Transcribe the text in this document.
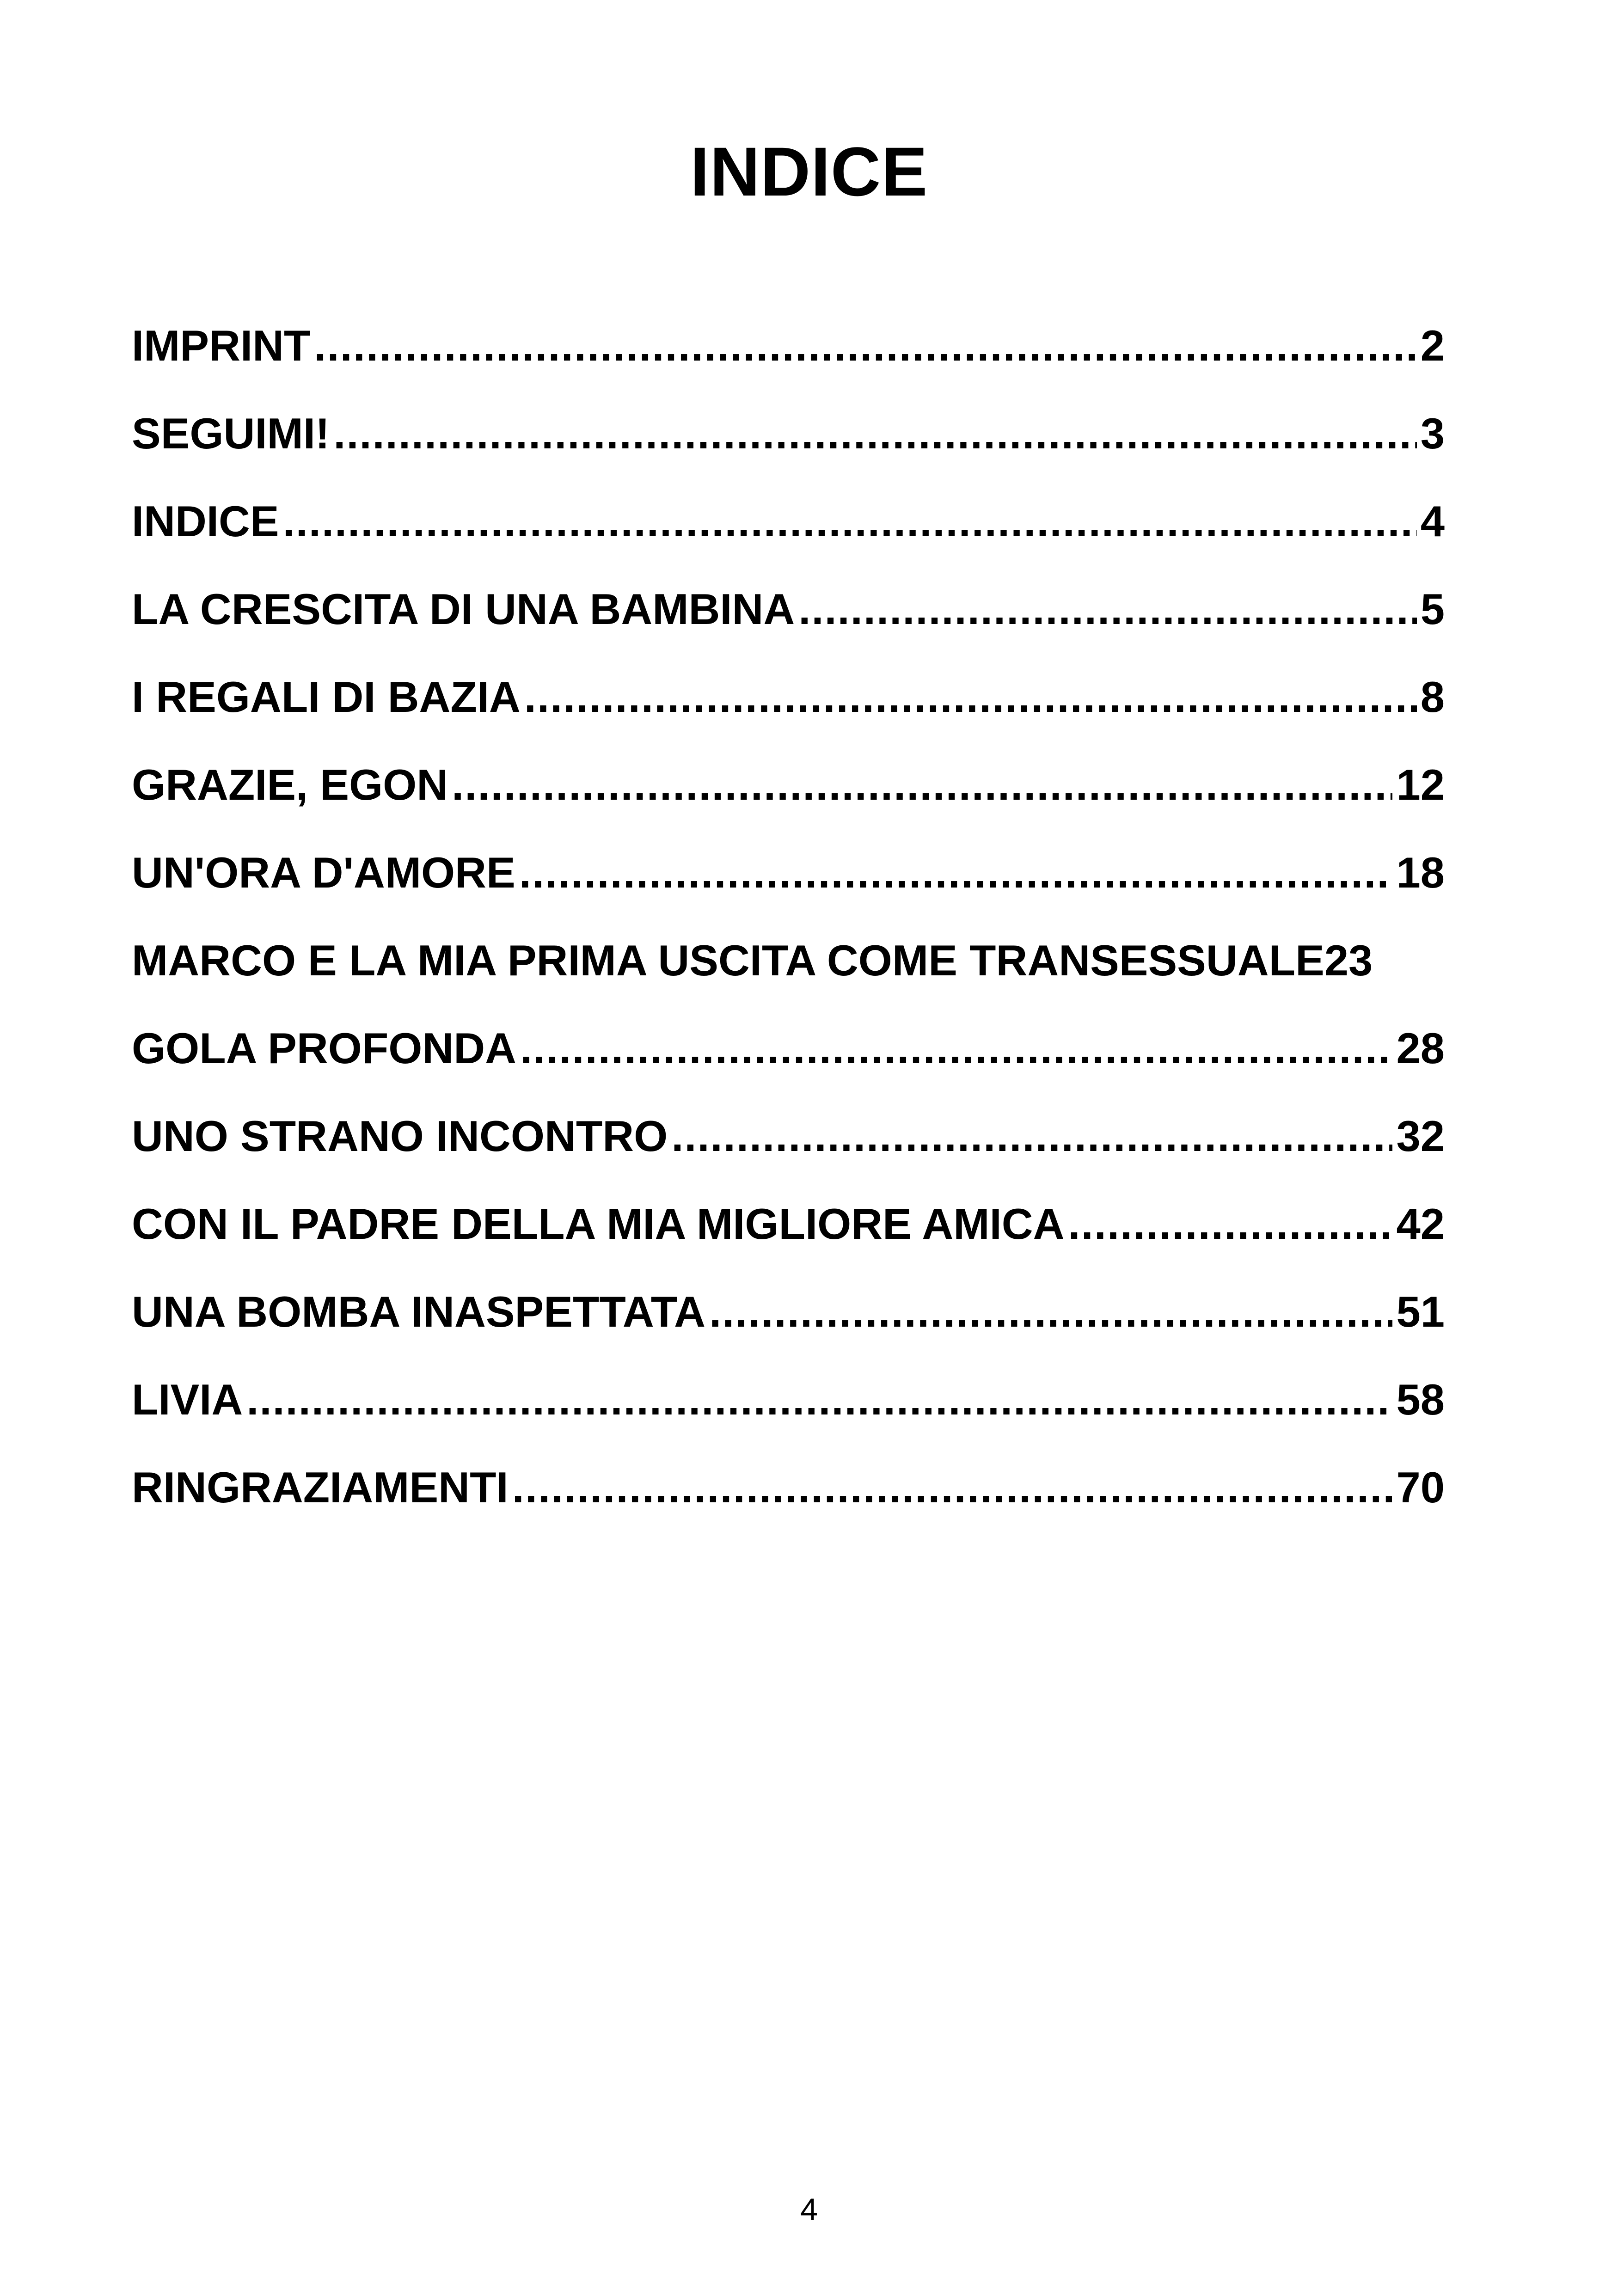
INDICE
IMPRINT .....	2
SEGUIMI! .....	3
INDICE .....	4
LA CRESCITA DI UNA BAMBINA .....	5
I REGALI DI BAZIA .....	8
GRAZIE, EGON .....	12
UN'ORA D'AMORE .....	18
MARCO E LA MIA PRIMA USCITA COME TRANSESSUALE 23
GOLA PROFONDA .....	28
UNO STRANO INCONTRO .....	32
CON IL PADRE DELLA MIA MIGLIORE AMICA .....	42
UNA BOMBA INASPETTATA .....	51
LIVIA .....	58
RINGRAZIAMENTI .....	70
4
